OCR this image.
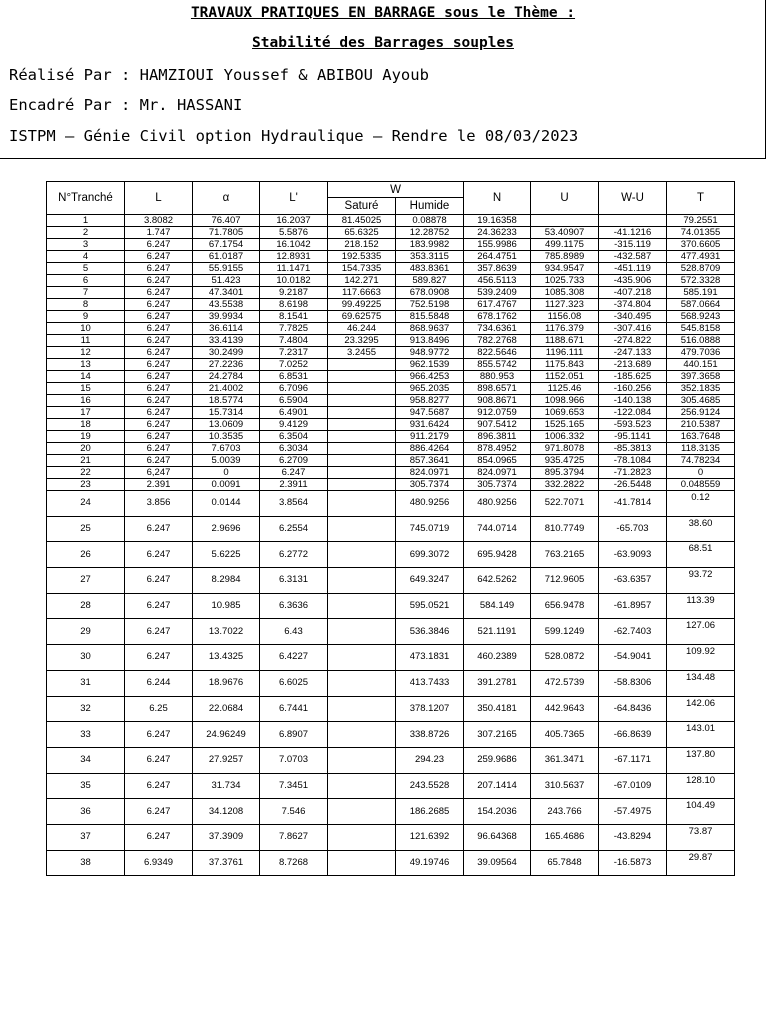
TRAVAUX PRATIQUES EN BARRAGE sous le Thème :
Stabilité des Barrages souples
Réalisé Par : HAMZIOUI Youssef & ABIBOU Ayoub
Encadré Par : Mr. HASSANI
ISTPM – Génie Civil option Hydraulique – Rendre le 08/03/2023
N°Tranché	L	α	L'	W		N	U	W-U	T
				Saturé	Humide				
1	3.8082	76.407	16.2037	81.45025	0.08878	19.16358			79.2551
2	1.747	71.7805	5.5876	65.6325	12.28752	24.36233	53.40907	-41.1216	74.01355
3	6.247	67.1754	16.1042	218.152	183.9982	155.9986	499.1175	-315.119	370.6605
4	6.247	61.0187	12.8931	192.5335	353.3115	264.4751	785.8989	-432.587	477.4931
5	6.247	55.9155	11.1471	154.7335	483.8361	357.8639	934.9547	-451.119	528.8709
6	6.247	51.423	10.0182	142.271	589.827	456.5113	1025.733	-435.906	572.3328
7	6.247	47.3401	9.2187	117.6663	678.0908	539.2409	1085.308	-407.218	585.191
8	6.247	43.5538	8.6198	99.49225	752.5198	617.4767	1127.323	-374.804	587.0664
9	6.247	39.9934	8.1541	69.62575	815.5848	678.1762	1156.08	-340.495	568.9243
10	6.247	36.6114	7.7825	46.244	868.9637	734.6361	1176.379	-307.416	545.8158
11	6.247	33.4139	7.4804	23.3295	913.8496	782.2768	1188.671	-274.822	516.0888
12	6.247	30.2499	7.2317	3.2455	948.9772	822.5646	1196.111	-247.133	479.7036
13	6.247	27.2236	7.0252		962.1539	855.5742	1175.843	-213.689	440.151
14	6.247	24.2784	6.8531		966.4253	880.953	1152.051	-185.625	397.3658
15	6.247	21.4002	6.7096		965.2035	898.6571	1125.46	-160.256	352.1835
16	6.247	18.5774	6.5904		958.8277	908.8671	1098.966	-140.138	305.4685
17	6.247	15.7314	6.4901		947.5687	912.0759	1069.653	-122.084	256.9124
18	6.247	13.0609	9.4129		931.6424	907.5412	1525.165	-593.523	210.5387
19	6.247	10.3535	6.3504		911.2179	896.3811	1006.332	-95.1141	163.7648
20	6.247	7.6703	6.3034		886.4264	878.4952	971.8078	-85.3813	118.3135
21	6.247	5.0039	6.2709		857.3641	854.0965	935.4725	-78.1084	74.78234
22	6,247	0	6.247		824.0971	824.0971	895.3794	-71.2823	0
23	2.391	0.0091	2.3911		305.7374	305.7374	332.2822	-26.5448	0.048559
24	3.856	0.0144	3.8564		480.9256	480.9256	522.7071	-41.7814	0.12
25	6.247	2.9696	6.2554		745.0719	744.0714	810.7749	-65.703	38.60
26	6.247	5.6225	6.2772		699.3072	695.9428	763.2165	-63.9093	68.51
27	6.247	8.2984	6.3131		649.3247	642.5262	712.9605	-63.6357	93.72
28	6.247	10.985	6.3636		595.0521	584.149	656.9478	-61.8957	113.39
29	6.247	13.7022	6.43		536.3846	521.1191	599.1249	-62.7403	127.06
30	6.247	13.4325	6.4227		473.1831	460.2389	528.0872	-54.9041	109.92
31	6.244	18.9676	6.6025		413.7433	391.2781	472.5739	-58.8306	134.48
32	6.25	22.0684	6.7441		378.1207	350.4181	442.9643	-64.8436	142.06
33	6.247	24.96249	6.8907		338.8726	307.2165	405.7365	-66.8639	143.01
34	6.247	27.9257	7.0703		294.23	259.9686	361.3471	-67.1171	137.80
35	6.247	31.734	7.3451		243.5528	207.1414	310.5637	-67.0109	128.10
36	6.247	34.1208	7.546		186.2685	154.2036	243.766	-57.4975	104.49
37	6.247	37.3909	7.8627		121.6392	96.64368	165.4686	-43.8294	73.87
38	6.9349	37.3761	8.7268		49.19746	39.09564	65.7848	-16.5873	29.87
